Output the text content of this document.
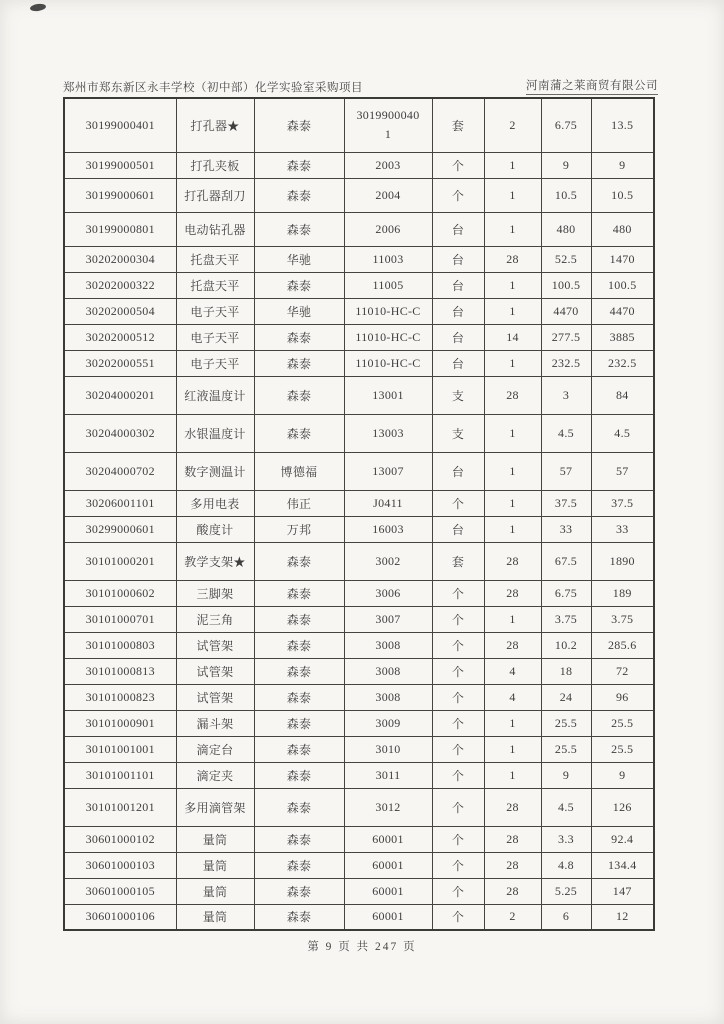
郑州市郑东新区永丰学校（初中部）化学实验室采购项目	河南蒲之莱商贸有限公司
30199000401	打孔器★	森泰	30199000401	套	2	6.75	13.5
30199000501	打孔夹板	森泰	2003	个	1	9	9
30199000601	打孔器刮刀	森泰	2004	个	1	10.5	10.5
30199000801	电动钻孔器	森泰	2006	台	1	480	480
30202000304	托盘天平	华驰	11003	台	28	52.5	1470
30202000322	托盘天平	森泰	11005	台	1	100.5	100.5
30202000504	电子天平	华驰	11010-HC-C	台	1	4470	4470
30202000512	电子天平	森泰	11010-HC-C	台	14	277.5	3885
30202000551	电子天平	森泰	11010-HC-C	台	1	232.5	232.5
30204000201	红液温度计	森泰	13001	支	28	3	84
30204000302	水银温度计	森泰	13003	支	1	4.5	4.5
30204000702	数字测温计	博德福	13007	台	1	57	57
30206001101	多用电表	伟正	J0411	个	1	37.5	37.5
30299000601	酸度计	万邦	16003	台	1	33	33
30101000201	教学支架★	森泰	3002	套	28	67.5	1890
30101000602	三脚架	森泰	3006	个	28	6.75	189
30101000701	泥三角	森泰	3007	个	1	3.75	3.75
30101000803	试管架	森泰	3008	个	28	10.2	285.6
30101000813	试管架	森泰	3008	个	4	18	72
30101000823	试管架	森泰	3008	个	4	24	96
30101000901	漏斗架	森泰	3009	个	1	25.5	25.5
30101001001	滴定台	森泰	3010	个	1	25.5	25.5
30101001101	滴定夹	森泰	3011	个	1	9	9
30101001201	多用滴管架	森泰	3012	个	28	4.5	126
30601000102	量筒	森泰	60001	个	28	3.3	92.4
30601000103	量筒	森泰	60001	个	28	4.8	134.4
30601000105	量筒	森泰	60001	个	28	5.25	147
30601000106	量筒	森泰	60001	个	2	6	12
第 9 页 共 247 页
